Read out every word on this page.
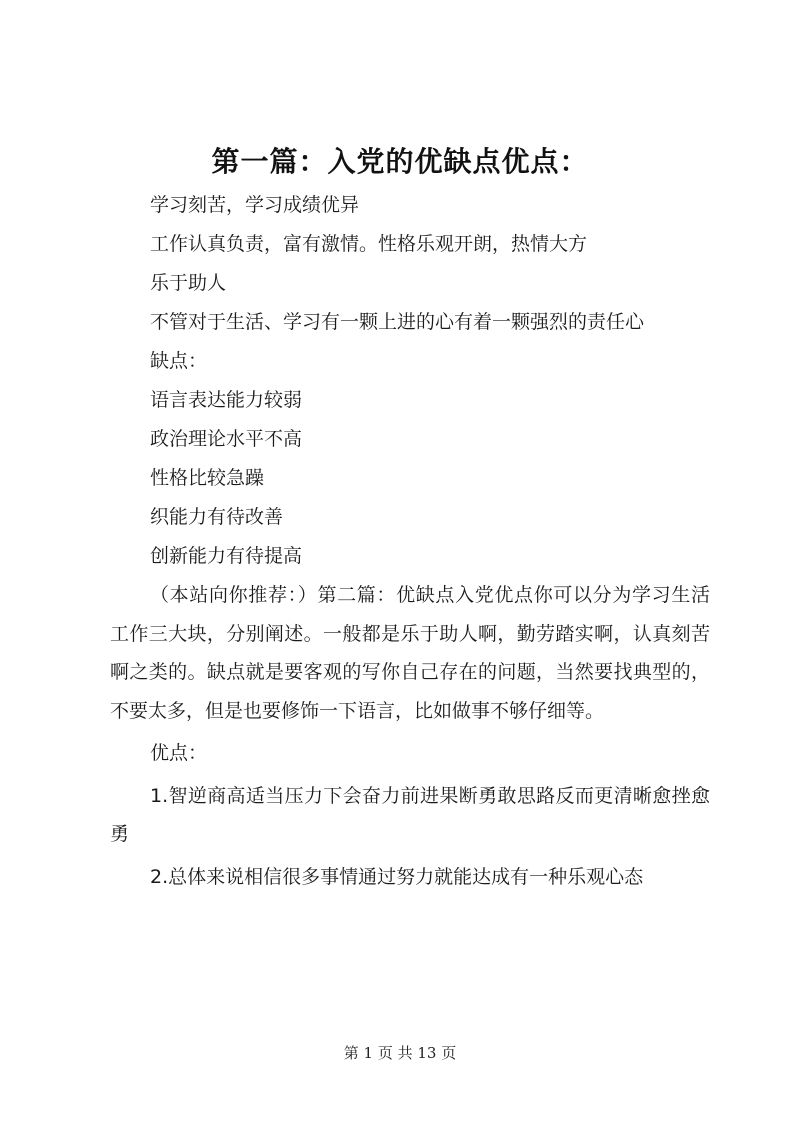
第一篇：入党的优缺点优点：

学习刻苦，学习成绩优异

工作认真负责，富有激情。性格乐观开朗，热情大方

乐于助人

不管对于生活、学习有一颗上进的心有着一颗强烈的责任心

缺点：

语言表达能力较弱

政治理论水平不高

性格比较急躁

织能力有待改善

创新能力有待提高

（本站向你推荐：）第二篇：优缺点入党优点你可以分为学习生活工作三大块，分别阐述。一般都是乐于助人啊，勤劳踏实啊，认真刻苦啊之类的。缺点就是要客观的写你自己存在的问题，当然要找典型的，不要太多，但是也要修饰一下语言，比如做事不够仔细等。

优点：

1.智逆商高适当压力下会奋力前进果断勇敢思路反而更清晰愈挫愈勇

2.总体来说相信很多事情通过努力就能达成有一种乐观心态

第 1 页 共 13 页
